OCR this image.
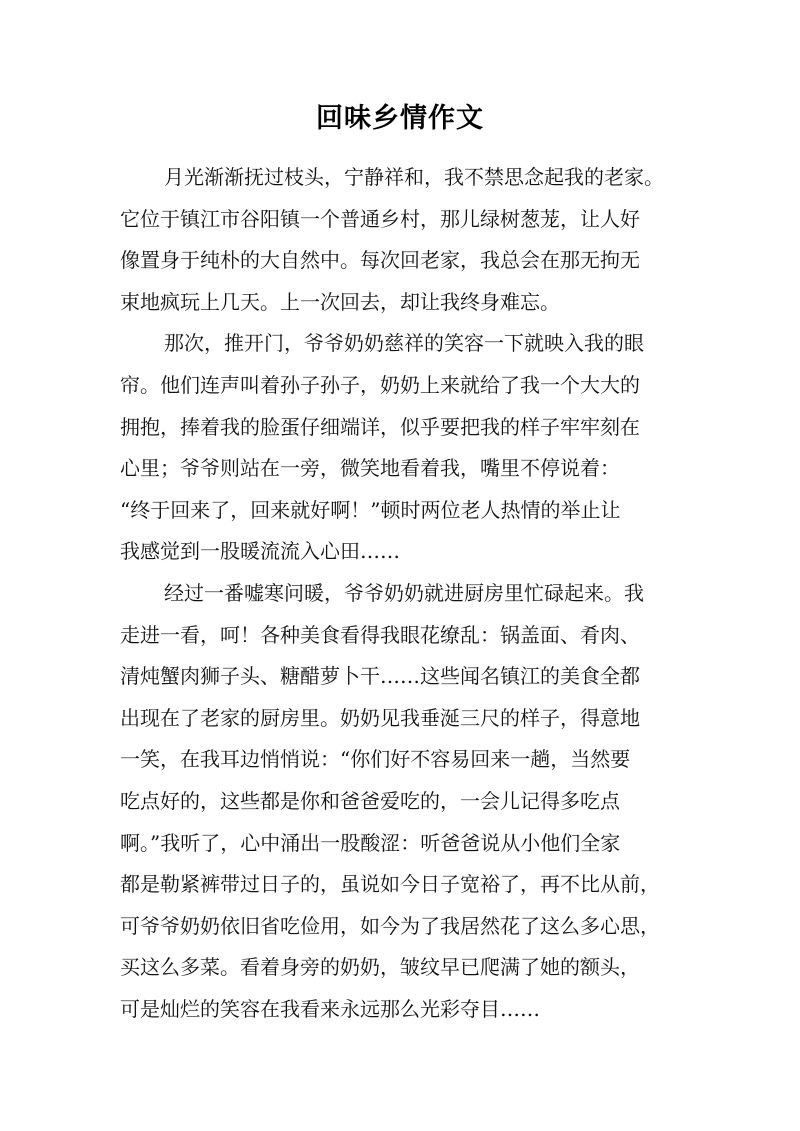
回味乡情作文
月光渐渐抚过枝头，宁静祥和，我不禁思念起我的老家。
它位于镇江市谷阳镇一个普通乡村，那儿绿树葱茏，让人好
像置身于纯朴的大自然中。每次回老家，我总会在那无拘无
束地疯玩上几天。上一次回去，却让我终身难忘。
那次，推开门，爷爷奶奶慈祥的笑容一下就映入我的眼
帘。他们连声叫着孙子孙子，奶奶上来就给了我一个大大的
拥抱，捧着我的脸蛋仔细端详，似乎要把我的样子牢牢刻在
心里；爷爷则站在一旁，微笑地看着我，嘴里不停说着：
“终于回来了，回来就好啊！”顿时两位老人热情的举止让
我感觉到一股暖流流入心田……
经过一番嘘寒问暖，爷爷奶奶就进厨房里忙碌起来。我
走进一看，呵！各种美食看得我眼花缭乱：锅盖面、肴肉、
清炖蟹肉狮子头、糖醋萝卜干……这些闻名镇江的美食全都
出现在了老家的厨房里。奶奶见我垂涎三尺的样子，得意地
一笑，在我耳边悄悄说：“你们好不容易回来一趟，当然要
吃点好的，这些都是你和爸爸爱吃的，一会儿记得多吃点
啊。”我听了，心中涌出一股酸涩：听爸爸说从小他们全家
都是勒紧裤带过日子的，虽说如今日子宽裕了，再不比从前，
可爷爷奶奶依旧省吃俭用，如今为了我居然花了这么多心思，
买这么多菜。看着身旁的奶奶，皱纹早已爬满了她的额头，
可是灿烂的笑容在我看来永远那么光彩夺目……
